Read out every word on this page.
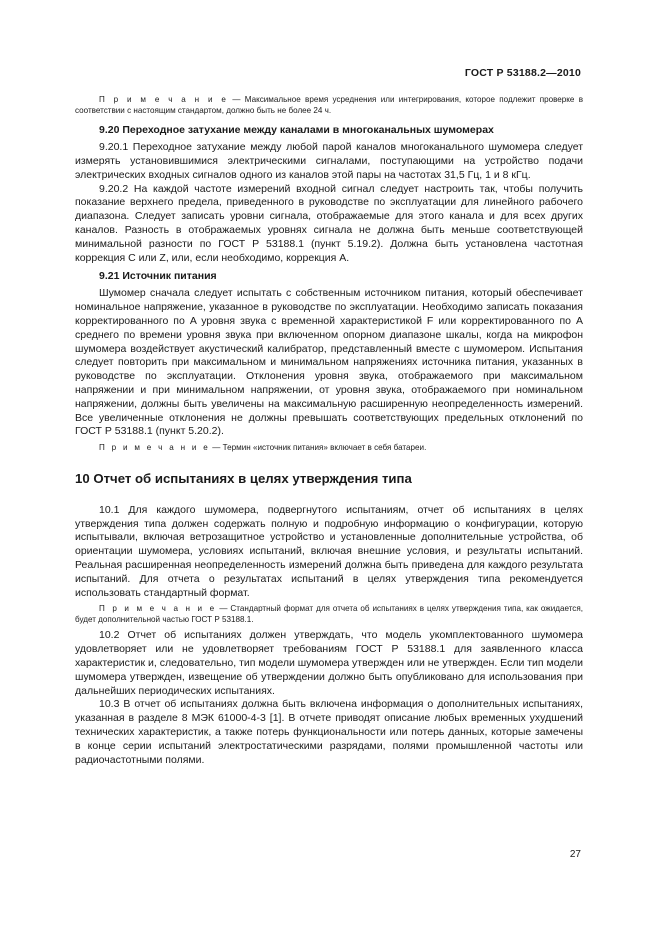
ГОСТ Р 53188.2—2010

П р и м е ч а н и е — Максимальное время усреднения или интегрирования, которое подлежит проверке в соответствии с настоящим стандартом, должно быть не более 24 ч.

9.20 Переходное затухание между каналами в многоканальных шумомерах

9.20.1 Переходное затухание между любой парой каналов многоканального шумомера следует измерять установившимися электрическими сигналами, поступающими на устройство подачи электрических входных сигналов одного из каналов этой пары на частотах 31,5 Гц, 1 и 8 кГц.

9.20.2 На каждой частоте измерений входной сигнал следует настроить так, чтобы получить показание верхнего предела, приведенного в руководстве по эксплуатации для линейного рабочего диапазона. Следует записать уровни сигнала, отображаемые для этого канала и для всех других каналов. Разность в отображаемых уровнях сигнала не должна быть меньше соответствующей минимальной разности по ГОСТ Р 53188.1 (пункт 5.19.2). Должна быть установлена частотная коррекция C или Z, или, если необходимо, коррекция A.

9.21 Источник питания

Шумомер сначала следует испытать с собственным источником питания, который обеспечивает номинальное напряжение, указанное в руководстве по эксплуатации. Необходимо записать показания корректированного по A уровня звука с временной характеристикой F или корректированного по A среднего по времени уровня звука при включенном опорном диапазоне шкалы, когда на микрофон шумомера воздействует акустический калибратор, представленный вместе с шумомером. Испытания следует повторить при максимальном и минимальном напряжениях источника питания, указанных в руководстве по эксплуатации. Отклонения уровня звука, отображаемого при максимальном напряжении и при минимальном напряжении, от уровня звука, отображаемого при номинальном напряжении, должны быть увеличены на максимальную расширенную неопределенность измерений. Все увеличенные отклонения не должны превышать соответствующих предельных отклонений по ГОСТ Р 53188.1 (пункт 5.20.2).

П р и м е ч а н и е — Термин «источник питания» включает в себя батареи.

10 Отчет об испытаниях в целях утверждения типа

10.1 Для каждого шумомера, подвергнутого испытаниям, отчет об испытаниях в целях утверждения типа должен содержать полную и подробную информацию о конфигурации, которую испытывали, включая ветрозащитное устройство и установленные дополнительные устройства, об ориентации шумомера, условиях испытаний, включая внешние условия, и результаты испытаний. Реальная расширенная неопределенность измерений должна быть приведена для каждого результата испытаний. Для отчета о результатах испытаний в целях утверждения типа рекомендуется использовать стандартный формат.

П р и м е ч а н и е — Стандартный формат для отчета об испытаниях в целях утверждения типа, как ожидается, будет дополнительной частью ГОСТ Р 53188.1.

10.2 Отчет об испытаниях должен утверждать, что модель укомплектованного шумомера удовлетворяет или не удовлетворяет требованиям ГОСТ Р 53188.1 для заявленного класса характеристик и, следовательно, тип модели шумомера утвержден или не утвержден. Если тип модели шумомера утвержден, извещение об утверждении должно быть опубликовано для использования при дальнейших периодических испытаниях.

10.3 В отчет об испытаниях должна быть включена информация о дополнительных испытаниях, указанная в разделе 8 МЭК 61000-4-3 [1]. В отчете приводят описание любых временных ухудшений технических характеристик, а также потерь функциональности или потерь данных, которые замечены в конце серии испытаний электростатическими разрядами, полями промышленной частоты или радиочастотными полями.

27
